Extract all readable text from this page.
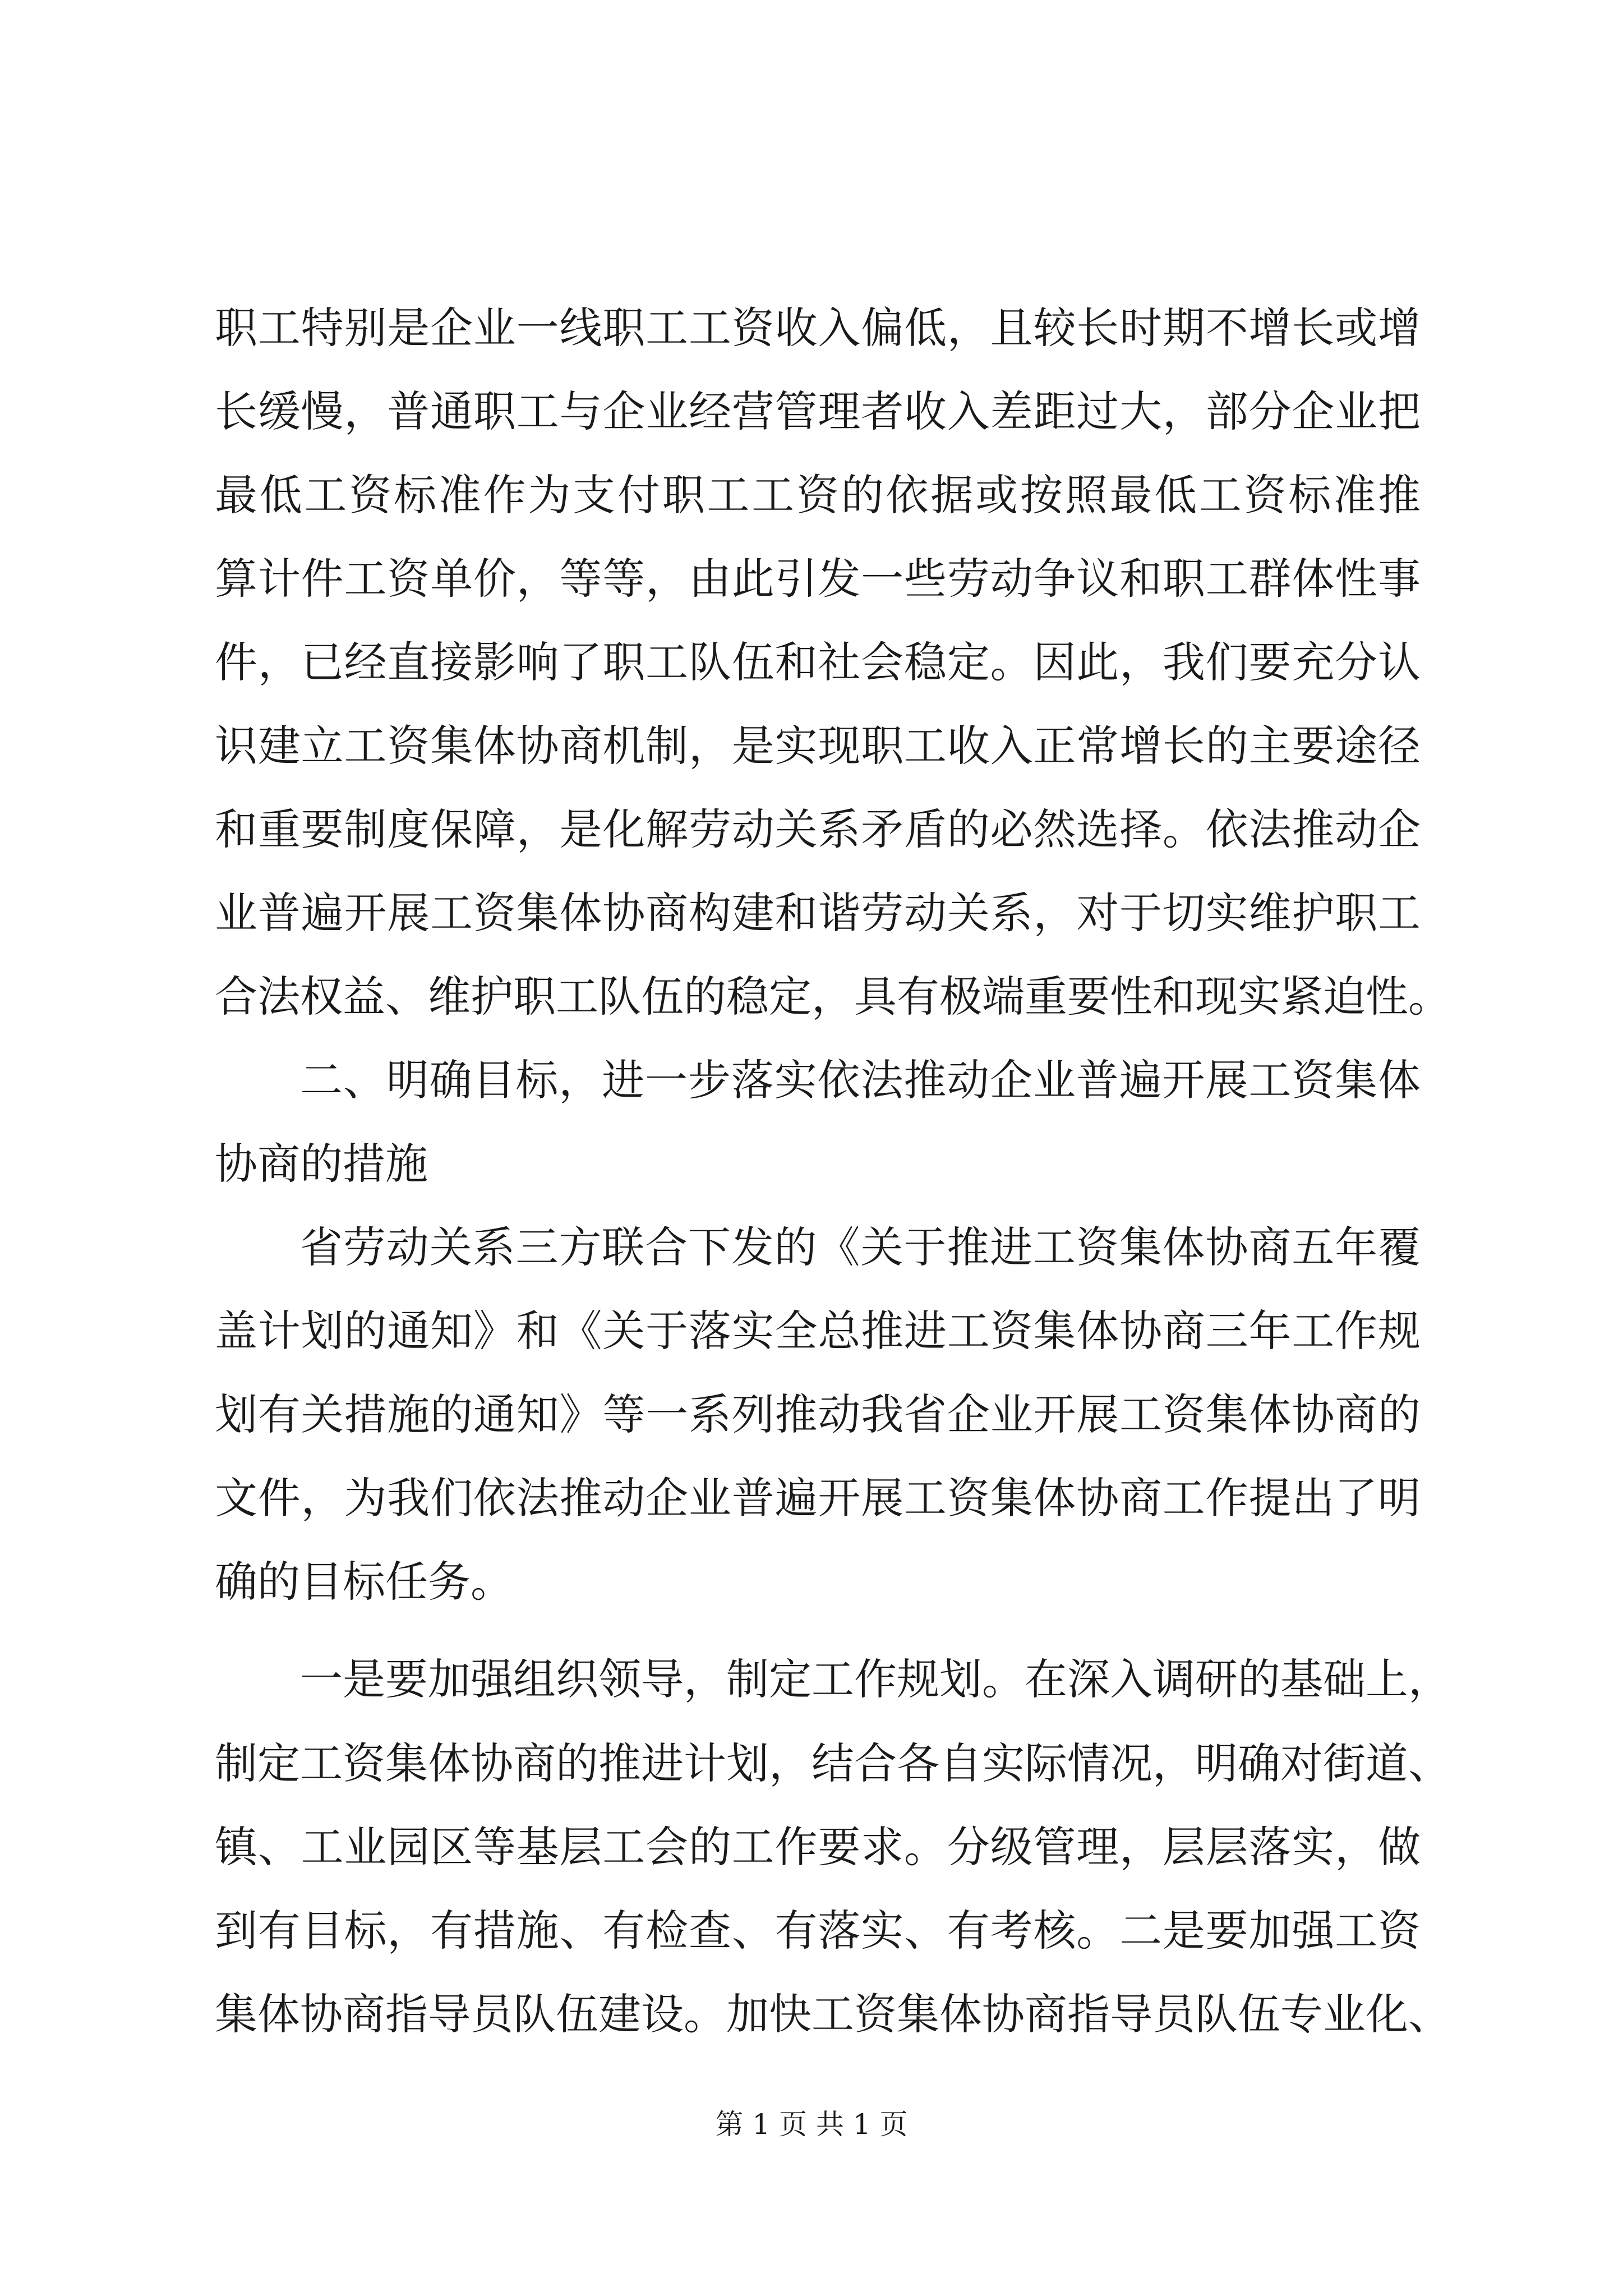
职工特别是企业一线职工工资收入偏低，且较长时期不增长或增
长缓慢，普通职工与企业经营管理者收入差距过大，部分企业把
最低工资标准作为支付职工工资的依据或按照最低工资标准推
算计件工资单价，等等，由此引发一些劳动争议和职工群体性事
件，已经直接影响了职工队伍和社会稳定。因此，我们要充分认
识建立工资集体协商机制，是实现职工收入正常增长的主要途径
和重要制度保障，是化解劳动关系矛盾的必然选择。依法推动企
业普遍开展工资集体协商构建和谐劳动关系，对于切实维护职工
合法权益、维护职工队伍的稳定，具有极端重要性和现实紧迫性。
二、明确目标，进一步落实依法推动企业普遍开展工资集体
协商的措施
省劳动关系三方联合下发的《关于推进工资集体协商五年覆
盖计划的通知》和《关于落实全总推进工资集体协商三年工作规
划有关措施的通知》等一系列推动我省企业开展工资集体协商的
文件，为我们依法推动企业普遍开展工资集体协商工作提出了明
确的目标任务。
一是要加强组织领导，制定工作规划。在深入调研的基础上，
制定工资集体协商的推进计划，结合各自实际情况，明确对街道、
镇、工业园区等基层工会的工作要求。分级管理，层层落实，做
到有目标，有措施、有检查、有落实、有考核。二是要加强工资
集体协商指导员队伍建设。加快工资集体协商指导员队伍专业化、
第 1 页 共 1 页
